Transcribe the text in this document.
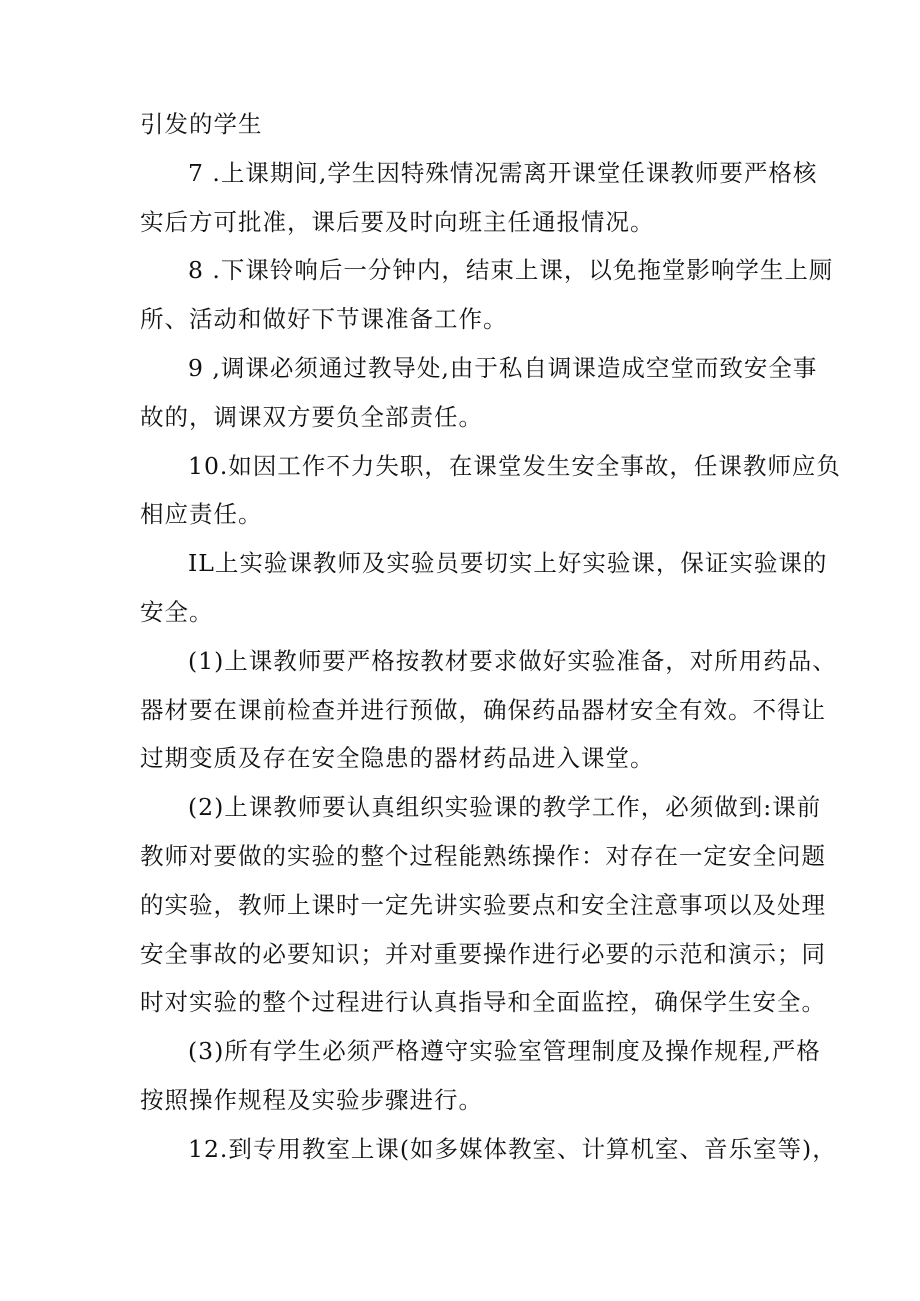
引发的学生
7 .上课期间,学生因特殊情况需离开课堂任课教师要严格核
实后方可批准，课后要及时向班主任通报情况。
8 .下课铃响后一分钟内，结束上课，以免拖堂影响学生上厕
所、活动和做好下节课准备工作。
9 ,调课必须通过教导处,由于私自调课造成空堂而致安全事
故的，调课双方要负全部责任。
10.如因工作不力失职，在课堂发生安全事故，任课教师应负
相应责任。
IL上实验课教师及实验员要切实上好实验课，保证实验课的
安全。
(1)上课教师要严格按教材要求做好实验准备，对所用药品、
器材要在课前检查并进行预做，确保药品器材安全有效。不得让
过期变质及存在安全隐患的器材药品进入课堂。
(2)上课教师要认真组织实验课的教学工作，必须做到:课前
教师对要做的实验的整个过程能熟练操作：对存在一定安全问题
的实验，教师上课时一定先讲实验要点和安全注意事项以及处理
安全事故的必要知识；并对重要操作进行必要的示范和演示；同
时对实验的整个过程进行认真指导和全面监控，确保学生安全。
(3)所有学生必须严格遵守实验室管理制度及操作规程,严格
按照操作规程及实验步骤进行。
12.到专用教室上课(如多媒体教室、计算机室、音乐室等)，
